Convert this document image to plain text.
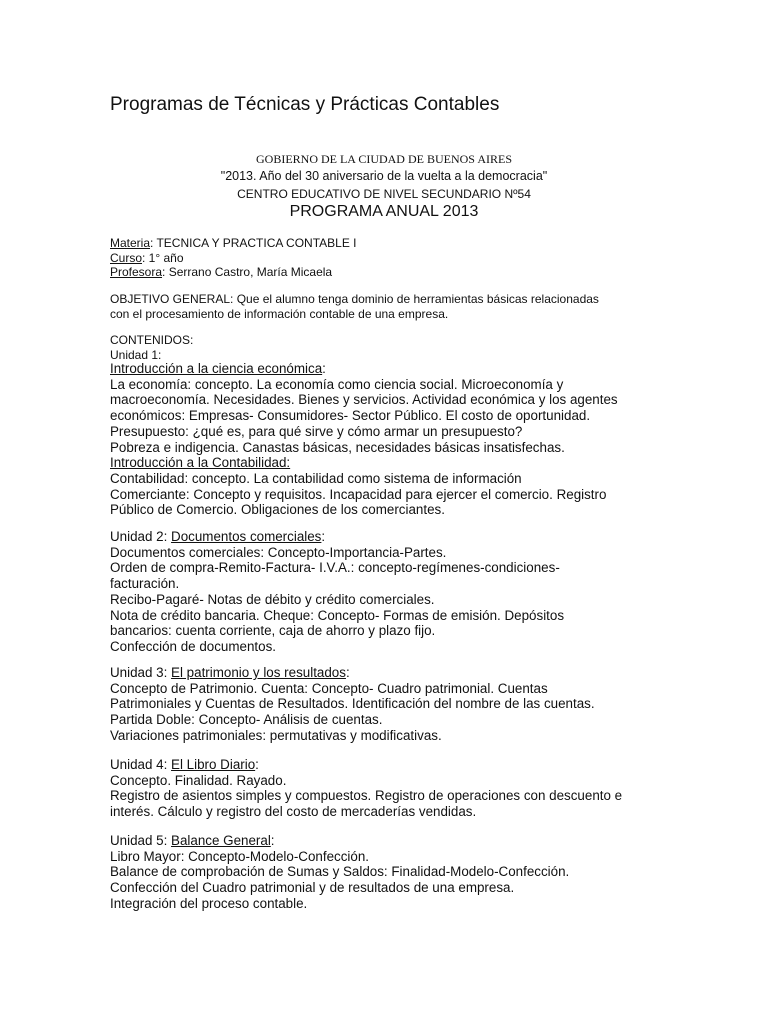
Programas de Técnicas y Prácticas Contables
GOBIERNO DE LA CIUDAD DE BUENOS AIRES
"2013. Año del 30 aniversario de la vuelta a la democracia"
CENTRO EDUCATIVO DE NIVEL SECUNDARIO Nº54
PROGRAMA ANUAL 2013
Materia: TECNICA Y PRACTICA CONTABLE I
Curso: 1° año
Profesora: Serrano Castro, María Micaela
OBJETIVO GENERAL: Que el alumno tenga dominio de herramientas básicas relacionadas
con el procesamiento de información contable de una empresa.
CONTENIDOS:
Unidad 1:
Introducción a la ciencia económica:
La economía: concepto. La economía como ciencia social. Microeconomía y
macroeconomía. Necesidades. Bienes y servicios. Actividad económica y los agentes
económicos: Empresas- Consumidores- Sector Público. El costo de oportunidad.
Presupuesto: ¿qué es, para qué sirve y cómo armar un presupuesto?
Pobreza e indigencia. Canastas básicas, necesidades básicas insatisfechas.
Introducción a la Contabilidad:
Contabilidad: concepto. La contabilidad como sistema de información
Comerciante: Concepto y requisitos. Incapacidad para ejercer el comercio. Registro
Público de Comercio. Obligaciones de los comerciantes.
Unidad 2: Documentos comerciales:
Documentos comerciales: Concepto-Importancia-Partes.
Orden de compra-Remito-Factura- I.V.A.: concepto-regímenes-condiciones-
facturación.
Recibo-Pagaré- Notas de débito y crédito comerciales.
Nota de crédito bancaria. Cheque: Concepto- Formas de emisión. Depósitos
bancarios: cuenta corriente, caja de ahorro y plazo fijo.
Confección de documentos.
Unidad 3: El patrimonio y los resultados:
Concepto de Patrimonio. Cuenta: Concepto- Cuadro patrimonial. Cuentas
Patrimoniales y Cuentas de Resultados. Identificación del nombre de las cuentas.
Partida Doble: Concepto- Análisis de cuentas.
Variaciones patrimoniales: permutativas y modificativas.
Unidad 4: El Libro Diario:
Concepto. Finalidad. Rayado.
Registro de asientos simples y compuestos. Registro de operaciones con descuento e
interés. Cálculo y registro del costo de mercaderías vendidas.
Unidad 5: Balance General:
Libro Mayor: Concepto-Modelo-Confección.
Balance de comprobación de Sumas y Saldos: Finalidad-Modelo-Confección.
Confección del Cuadro patrimonial y de resultados de una empresa.
Integración del proceso contable.
